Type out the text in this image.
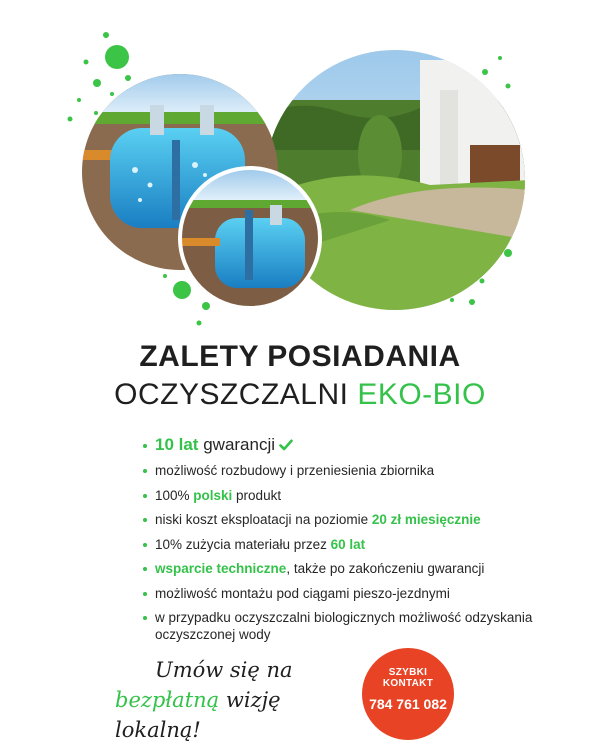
ZALETY POSIADANIA
OCZYSZCZALNI EKO-BIO
10 lat gwarancji
możliwość rozbudowy i przeniesienia zbiornika
100% polski produkt
niski koszt eksploatacji na poziomie 20 zł miesięcznie
10% zużycia materiału przez 60 lat
wsparcie techniczne, także po zakończeniu gwarancji
możliwość montażu pod ciągami pieszo-jezdnymi
w przypadku oczyszczalni biologicznych możliwość odzyskania oczyszczonej wody
Umów się na
bezpłatną wizję lokalną!
SZYBKI
KONTAKT
784 761 082
